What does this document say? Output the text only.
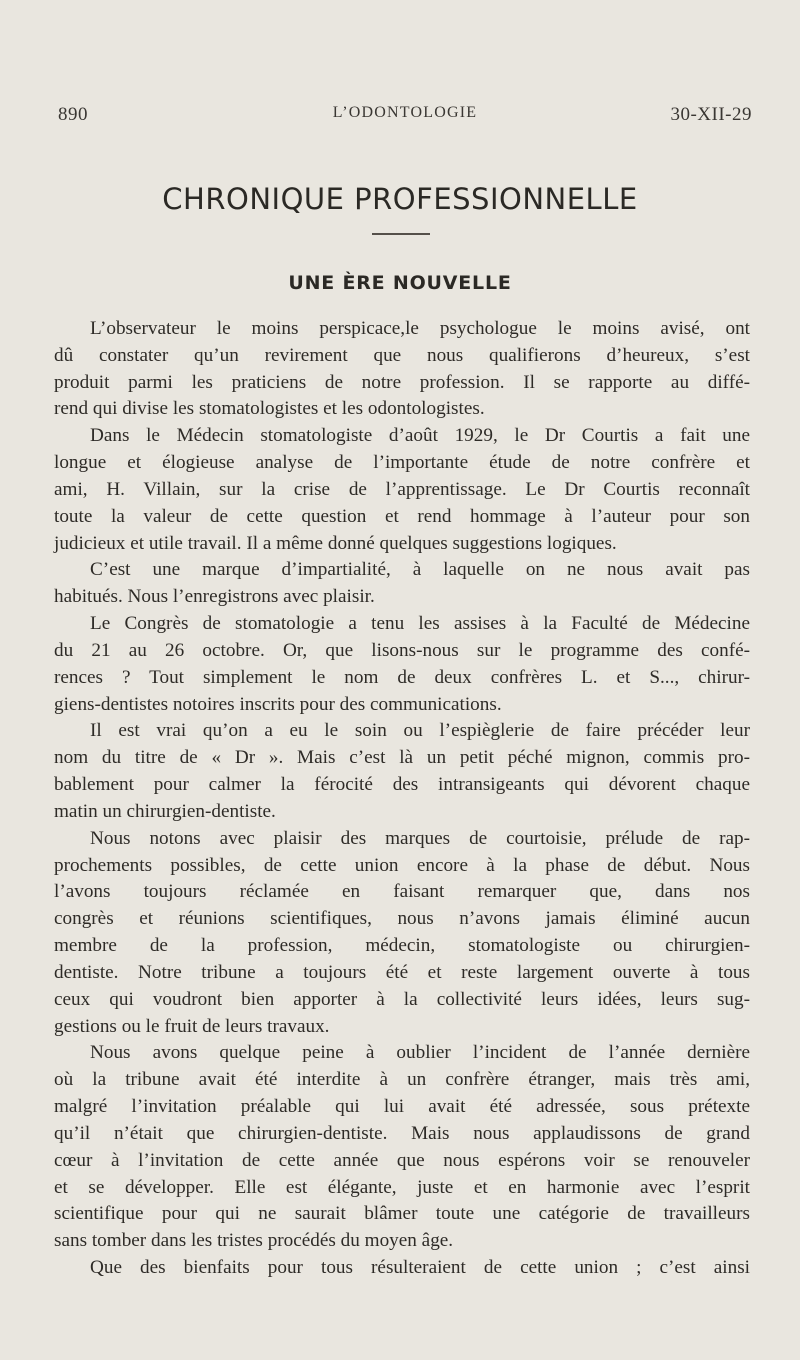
890	L’ODONTOLOGIE	30-XII-29
CHRONIQUE PROFESSIONNELLE
UNE ÈRE NOUVELLE
L’observateur le moins perspicace,le psychologue le moins avisé, ont
dû constater qu’un revirement que nous qualifierons d’heureux, s’est
produit parmi les praticiens de notre profession. Il se rapporte au diffé-
rend qui divise les stomatologistes et les odontologistes.
Dans le Médecin stomatologiste d’août 1929, le Dr Courtis a fait une
longue et élogieuse analyse de l’importante étude de notre confrère et
ami, H. Villain, sur la crise de l’apprentissage. Le Dr Courtis reconnaît
toute la valeur de cette question et rend hommage à l’auteur pour son
judicieux et utile travail. Il a même donné quelques suggestions logiques.
C’est une marque d’impartialité, à laquelle on ne nous avait pas
habitués. Nous l’enregistrons avec plaisir.
Le Congrès de stomatologie a tenu les assises à la Faculté de Médecine
du 21 au 26 octobre. Or, que lisons-nous sur le programme des confé-
rences ? Tout simplement le nom de deux confrères L. et S..., chirur-
giens-dentistes notoires inscrits pour des communications.
Il est vrai qu’on a eu le soin ou l’espièglerie de faire précéder leur
nom du titre de « Dr ». Mais c’est là un petit péché mignon, commis pro-
bablement pour calmer la férocité des intransigeants qui dévorent chaque
matin un chirurgien-dentiste.
Nous notons avec plaisir des marques de courtoisie, prélude de rap-
prochements possibles, de cette union encore à la phase de début. Nous
l’avons toujours réclamée en faisant remarquer que, dans nos
congrès et réunions scientifiques, nous n’avons jamais éliminé aucun
membre de la profession, médecin, stomatologiste ou chirurgien-
dentiste. Notre tribune a toujours été et reste largement ouverte à tous
ceux qui voudront bien apporter à la collectivité leurs idées, leurs sug-
gestions ou le fruit de leurs travaux.
Nous avons quelque peine à oublier l’incident de l’année dernière
où la tribune avait été interdite à un confrère étranger, mais très ami,
malgré l’invitation préalable qui lui avait été adressée, sous prétexte
qu’il n’était que chirurgien-dentiste. Mais nous applaudissons de grand
cœur à l’invitation de cette année que nous espérons voir se renouveler
et se développer. Elle est élégante, juste et en harmonie avec l’esprit
scientifique pour qui ne saurait blâmer toute une catégorie de travailleurs
sans tomber dans les tristes procédés du moyen âge.
Que des bienfaits pour tous résulteraient de cette union ; c’est ainsi
